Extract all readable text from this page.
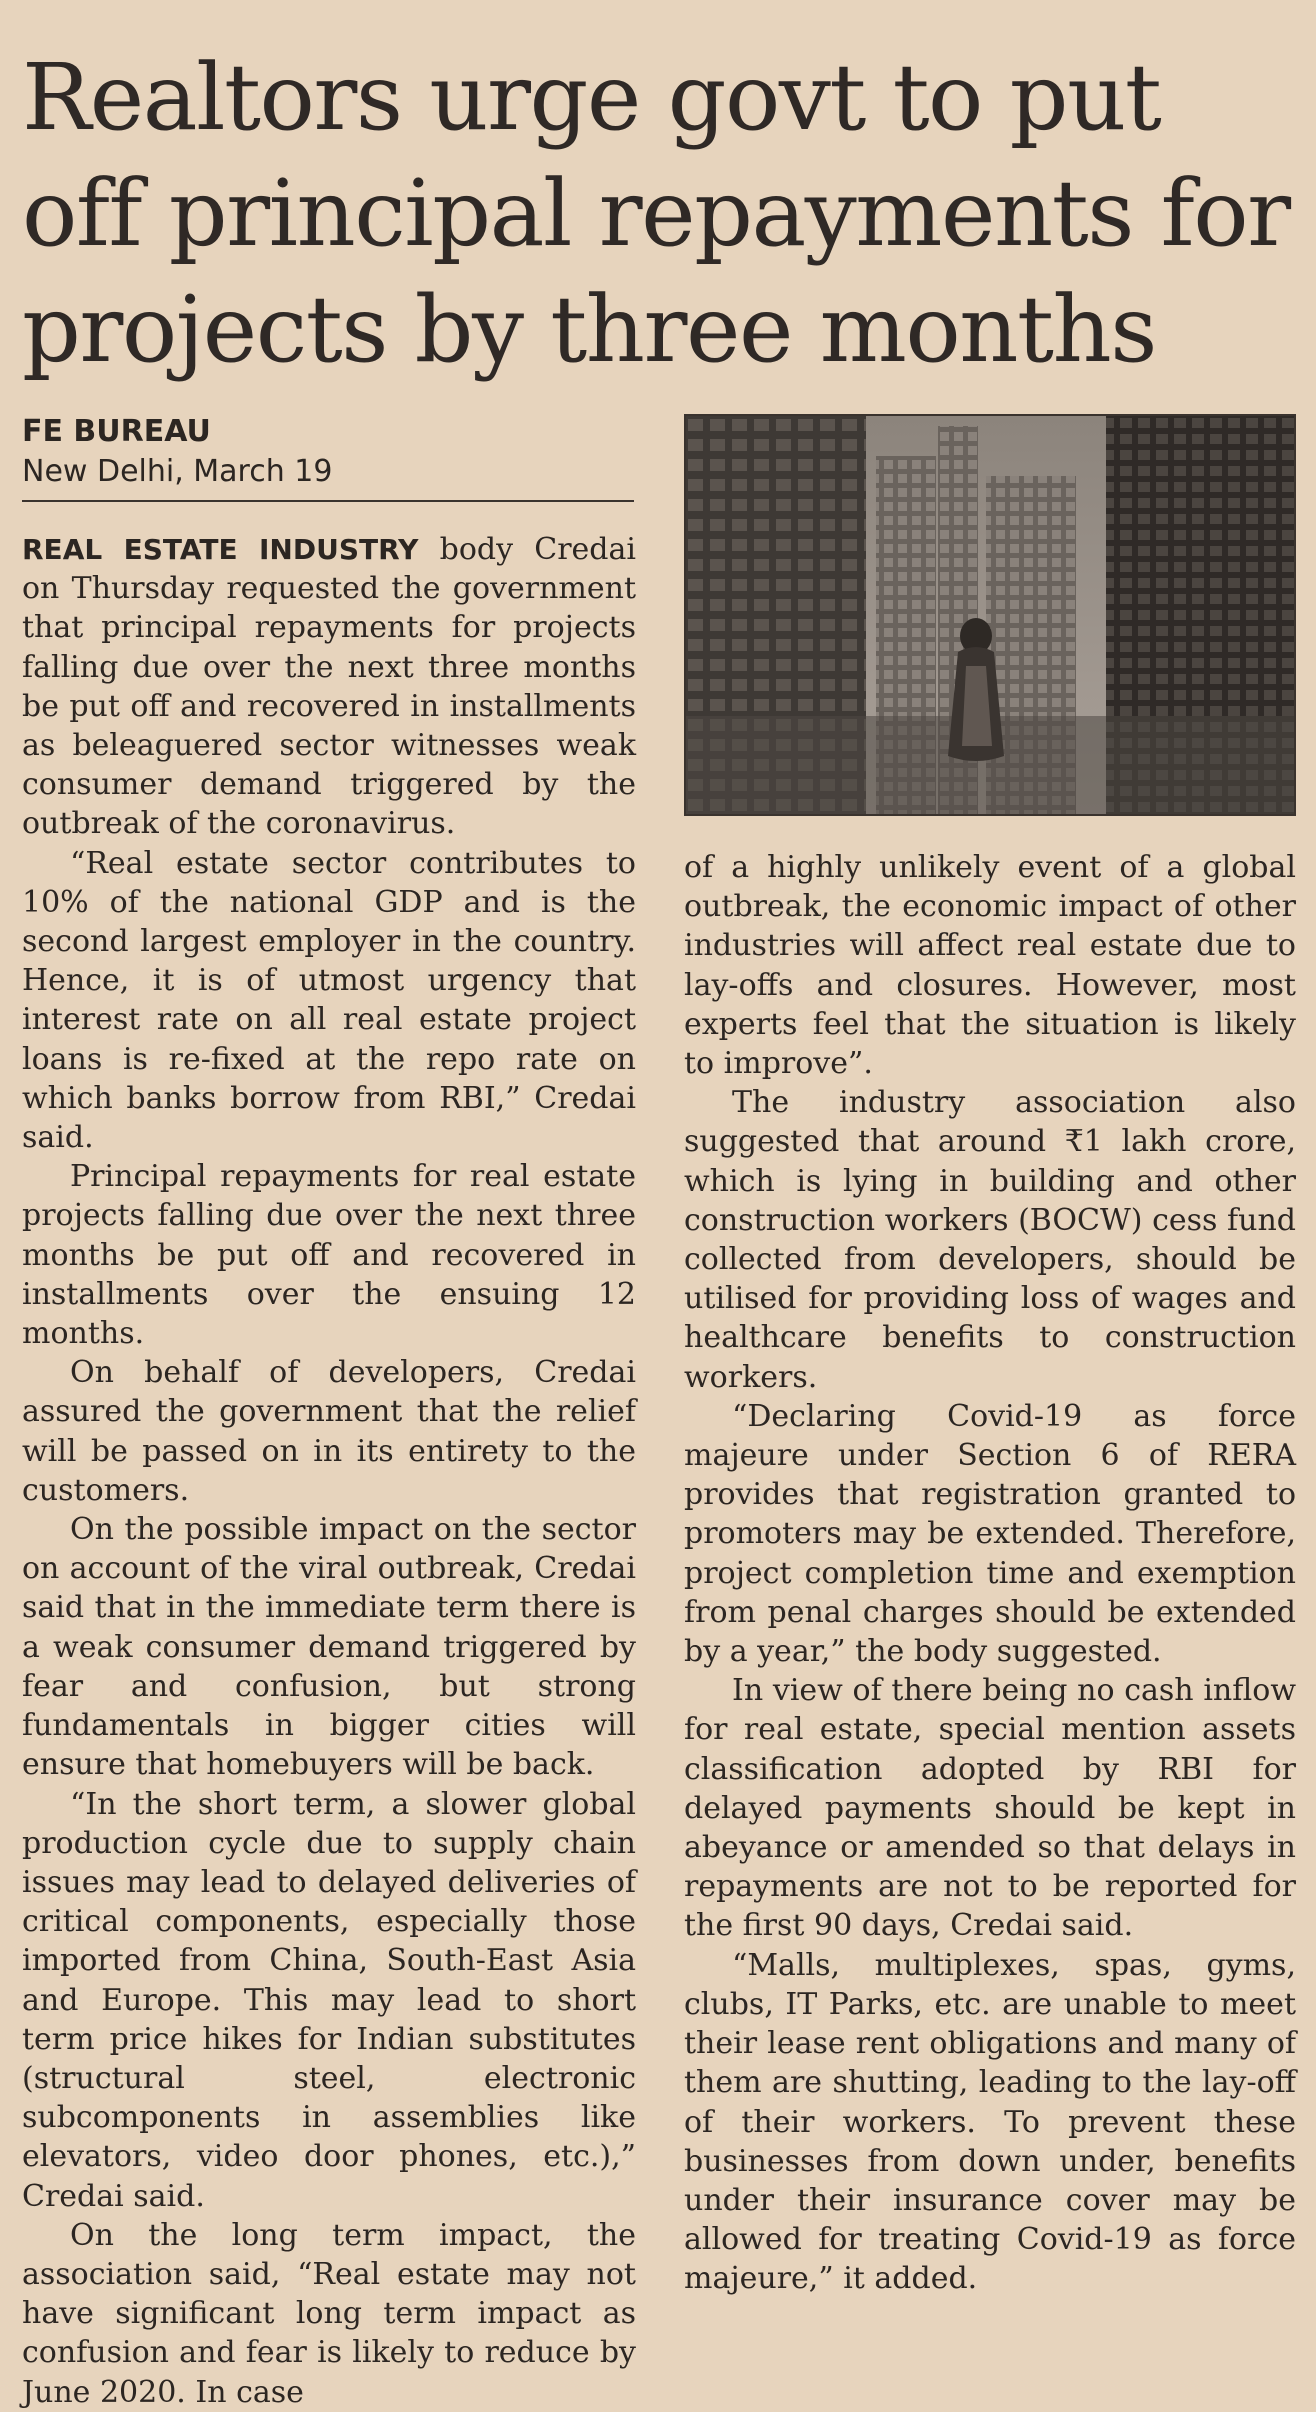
Realtors urge govt to put off principal repayments for projects by three months
FE BUREAU
New Delhi, March 19

REAL ESTATE INDUSTRY body Credai on Thursday requested the government that principal repayments for projects falling due over the next three months be put off and recovered in installments as beleaguered sector witnesses weak consumer demand triggered by the outbreak of the coronavirus.

“Real estate sector contributes to 10% of the national GDP and is the second largest employer in the country. Hence, it is of utmost urgency that interest rate on all real estate project loans is re-fixed at the repo rate on which banks borrow from RBI,” Credai said.

Principal repayments for real estate projects falling due over the next three months be put off and recovered in installments over the ensuing 12 months.

On behalf of developers, Credai assured the government that the relief will be passed on in its entirety to the customers.

On the possible impact on the sector on account of the viral outbreak, Credai said that in the immediate term there is a weak consumer demand triggered by fear and confusion, but strong fundamentals in bigger cities will ensure that homebuyers will be back.

“In the short term, a slower global production cycle due to supply chain issues may lead to delayed deliveries of critical components, especially those imported from China, South-East Asia and Europe. This may lead to short term price hikes for Indian substitutes (structural steel, electronic subcomponents in assemblies like elevators, video door phones, etc.),” Credai said.

On the long term impact, the association said, “Real estate may not have significant long term impact as confusion and fear is likely to reduce by June 2020. In case

of a highly unlikely event of a global outbreak, the economic impact of other industries will affect real estate due to lay-offs and closures. However, most experts feel that the situation is likely to improve”.

The industry association also suggested that around ₹1 lakh crore, which is lying in building and other construction workers (BOCW) cess fund collected from developers, should be utilised for providing loss of wages and healthcare benefits to construction workers.

“Declaring Covid-19 as force majeure under Section 6 of RERA provides that registration granted to promoters may be extended. Therefore, project completion time and exemption from penal charges should be extended by a year,” the body suggested.

In view of there being no cash inflow for real estate, special mention assets classification adopted by RBI for delayed payments should be kept in abeyance or amended so that delays in repayments are not to be reported for the first 90 days, Credai said.

“Malls, multiplexes, spas, gyms, clubs, IT Parks, etc. are unable to meet their lease rent obligations and many of them are shutting, leading to the lay-off of their workers. To prevent these businesses from down under, benefits under their insurance cover may be allowed for treating Covid-19 as force majeure,” it added.
